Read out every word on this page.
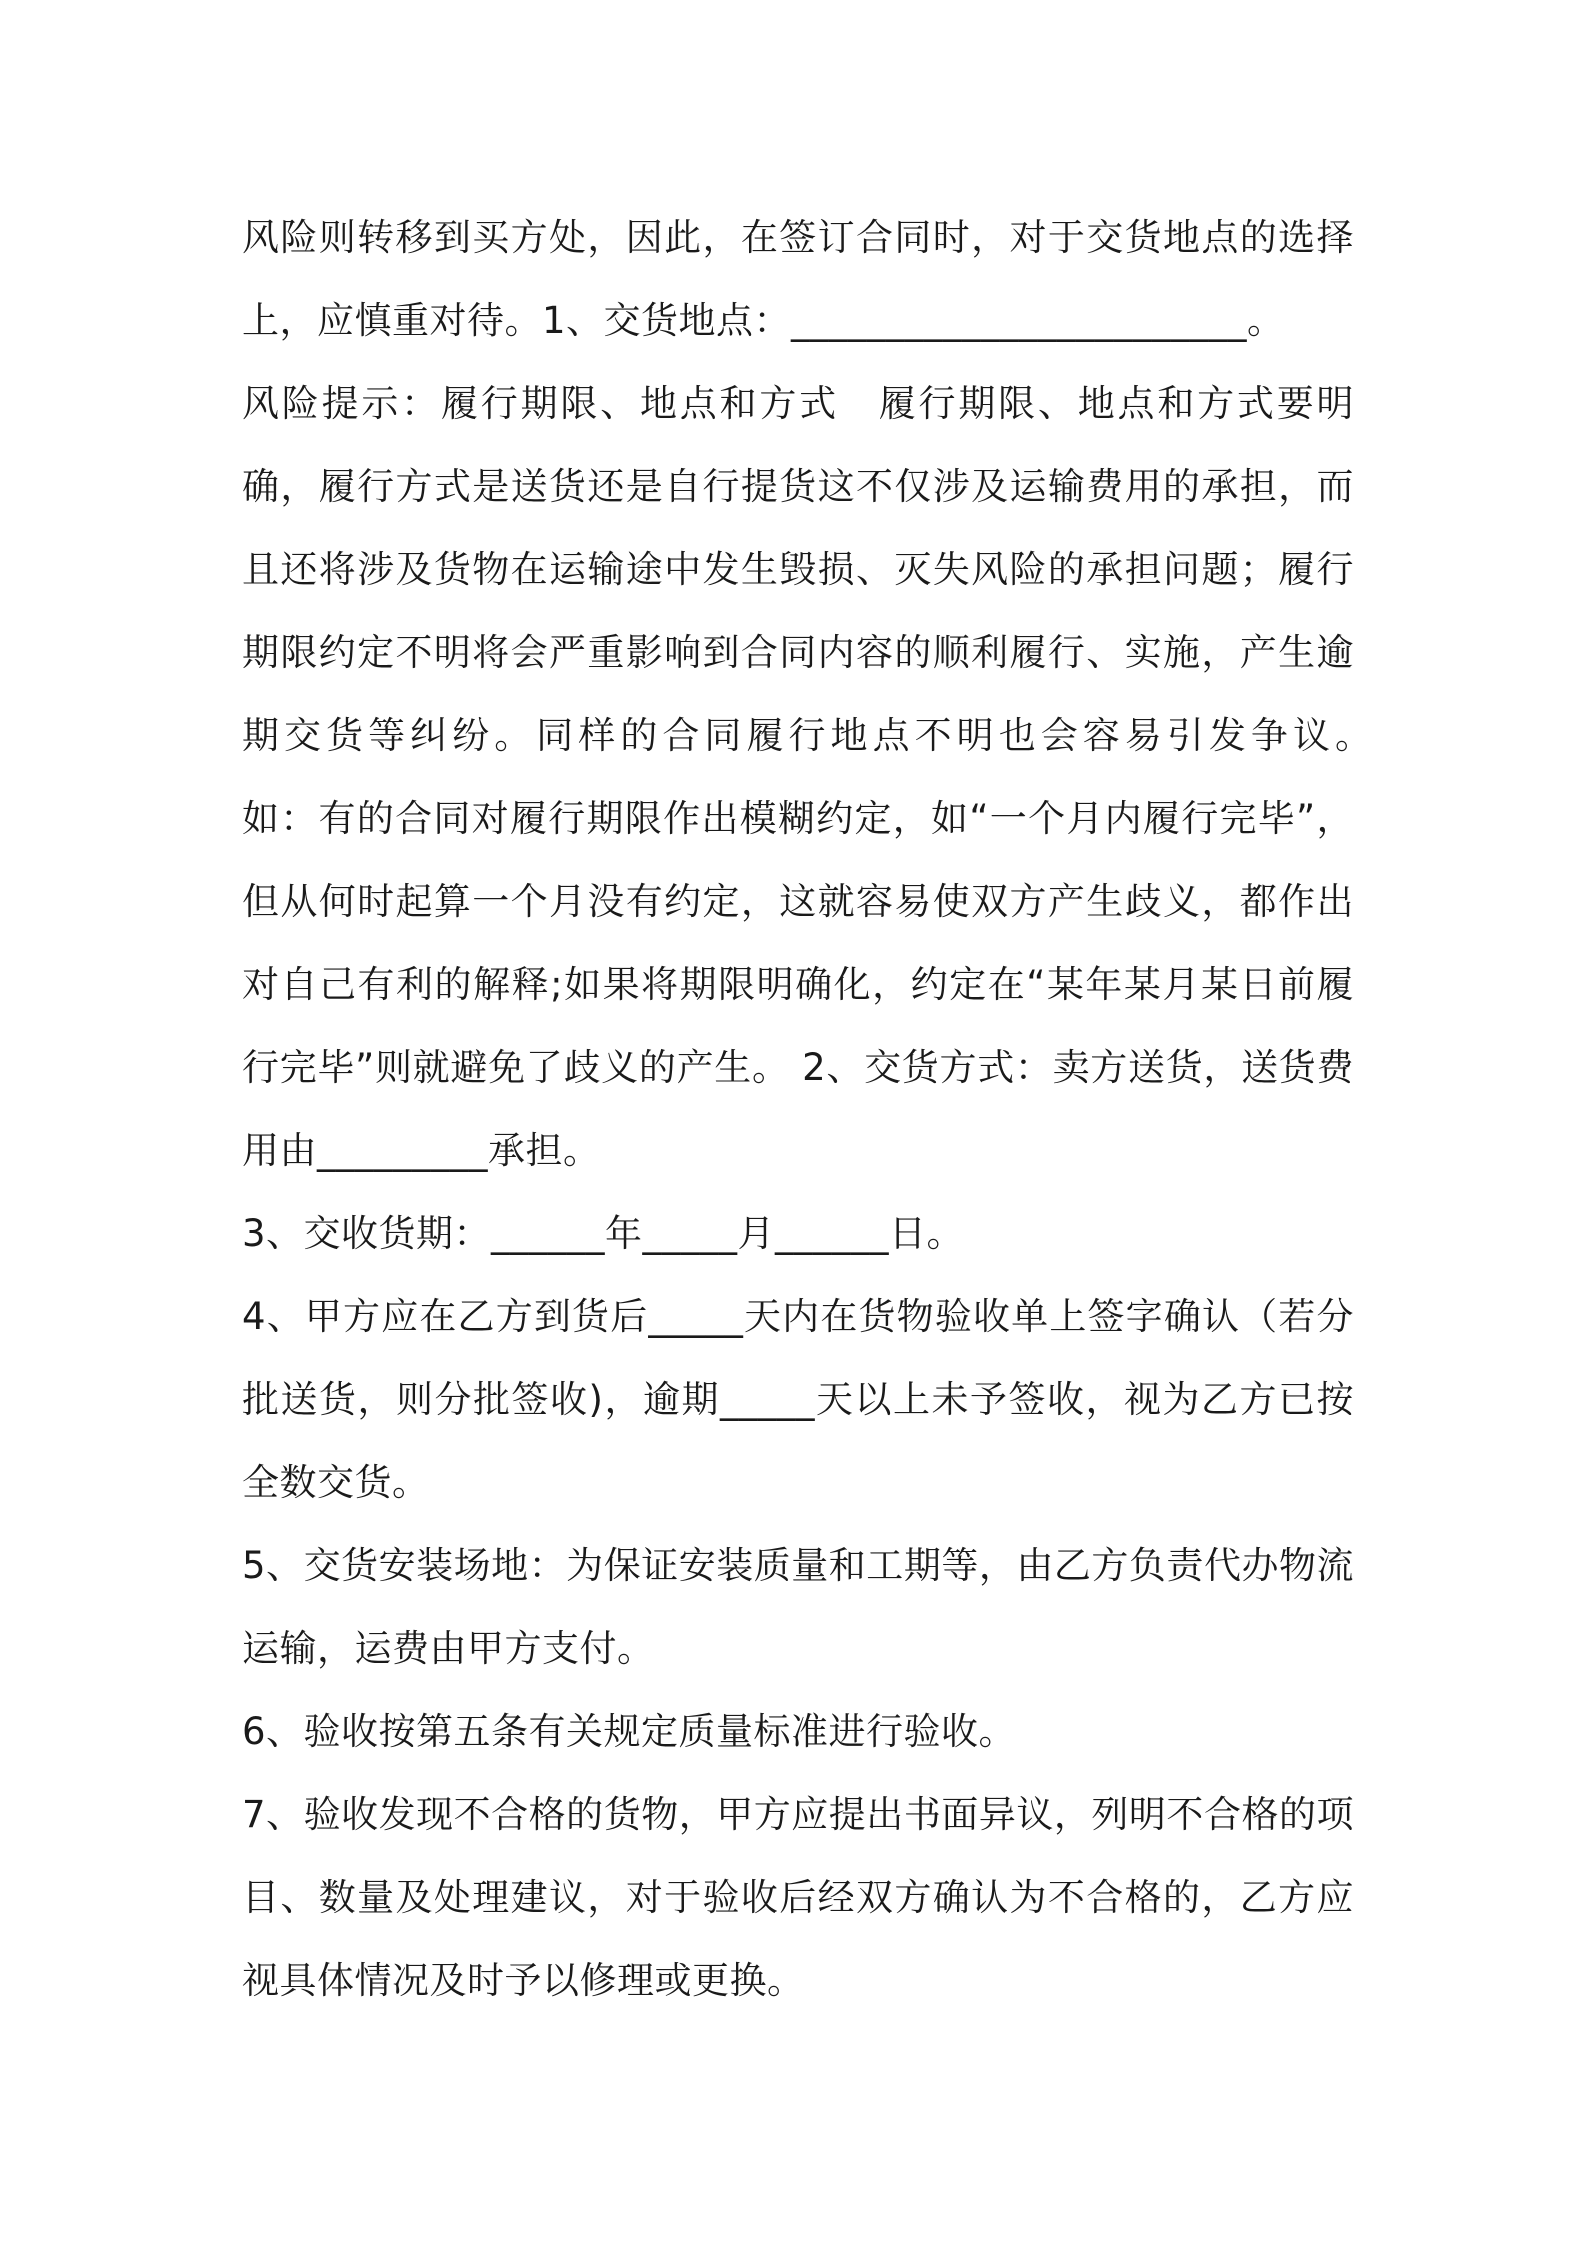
风险则转移到买方处，因此，在签订合同时，对于交货地点的选择上，应慎重对待。1、交货地点：________________________。

风险提示：履行期限、地点和方式　履行期限、地点和方式要明确，履行方式是送货还是自行提货这不仅涉及运输费用的承担，而且还将涉及货物在运输途中发生毁损、灭失风险的承担问题；履行期限约定不明将会严重影响到合同内容的顺利履行、实施，产生逾期交货等纠纷。同样的合同履行地点不明也会容易引发争议。　　如：有的合同对履行期限作出模糊约定，如“一个月内履行完毕”，但从何时起算一个月没有约定，这就容易使双方产生歧义，都作出对自己有利的解释;如果将期限明确化，约定在“某年某月某日前履行完毕”则就避免了歧义的产生。 2、交货方式：卖方送货，送货费用由_________承担。

3、交收货期：______年_____月______日。

4、甲方应在乙方到货后_____天内在货物验收单上签字确认（若分批送货，则分批签收)，逾期_____天以上未予签收，视为乙方已按全数交货。

5、交货安装场地：为保证安装质量和工期等，由乙方负责代办物流运输，运费由甲方支付。

6、验收按第五条有关规定质量标准进行验收。

7、验收发现不合格的货物，甲方应提出书面异议，列明不合格的项目、数量及处理建议，对于验收后经双方确认为不合格的，乙方应视具体情况及时予以修理或更换。
